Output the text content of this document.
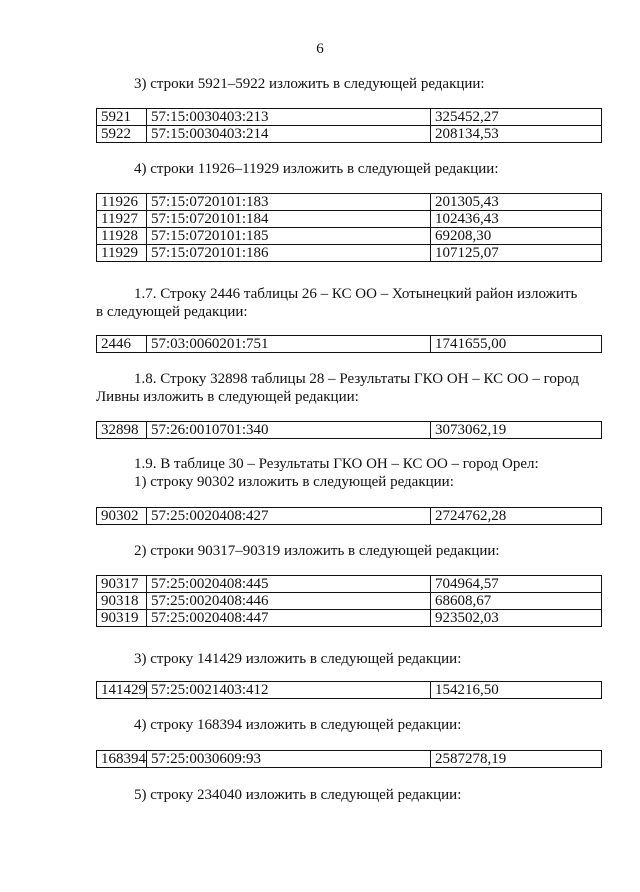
6
3) строки 5921–5922 изложить в следующей редакции:
5921	57:15:0030403:213	325452,27
5922	57:15:0030403:214	208134,53
4) строки 11926–11929 изложить в следующей редакции:
11926	57:15:0720101:183	201305,43
11927	57:15:0720101:184	102436,43
11928	57:15:0720101:185	69208,30
11929	57:15:0720101:186	107125,07
1.7. Строку 2446 таблицы 26 – КС ОО – Хотынецкий район изложить
в следующей редакции:
2446	57:03:0060201:751	1741655,00
1.8. Строку 32898 таблицы 28 – Результаты ГКО ОН – КС ОО – город
Ливны изложить в следующей редакции:
32898	57:26:0010701:340	3073062,19
1.9. В таблице 30 – Результаты ГКО ОН – КС ОО – город Орел:
1) строку 90302 изложить в следующей редакции:
90302	57:25:0020408:427	2724762,28
2) строки 90317–90319 изложить в следующей редакции:
90317	57:25:0020408:445	704964,57
90318	57:25:0020408:446	68608,67
90319	57:25:0020408:447	923502,03
3) строку 141429 изложить в следующей редакции:
141429	57:25:0021403:412	154216,50
4) строку 168394 изложить в следующей редакции:
168394	57:25:0030609:93	2587278,19
5) строку 234040 изложить в следующей редакции:
